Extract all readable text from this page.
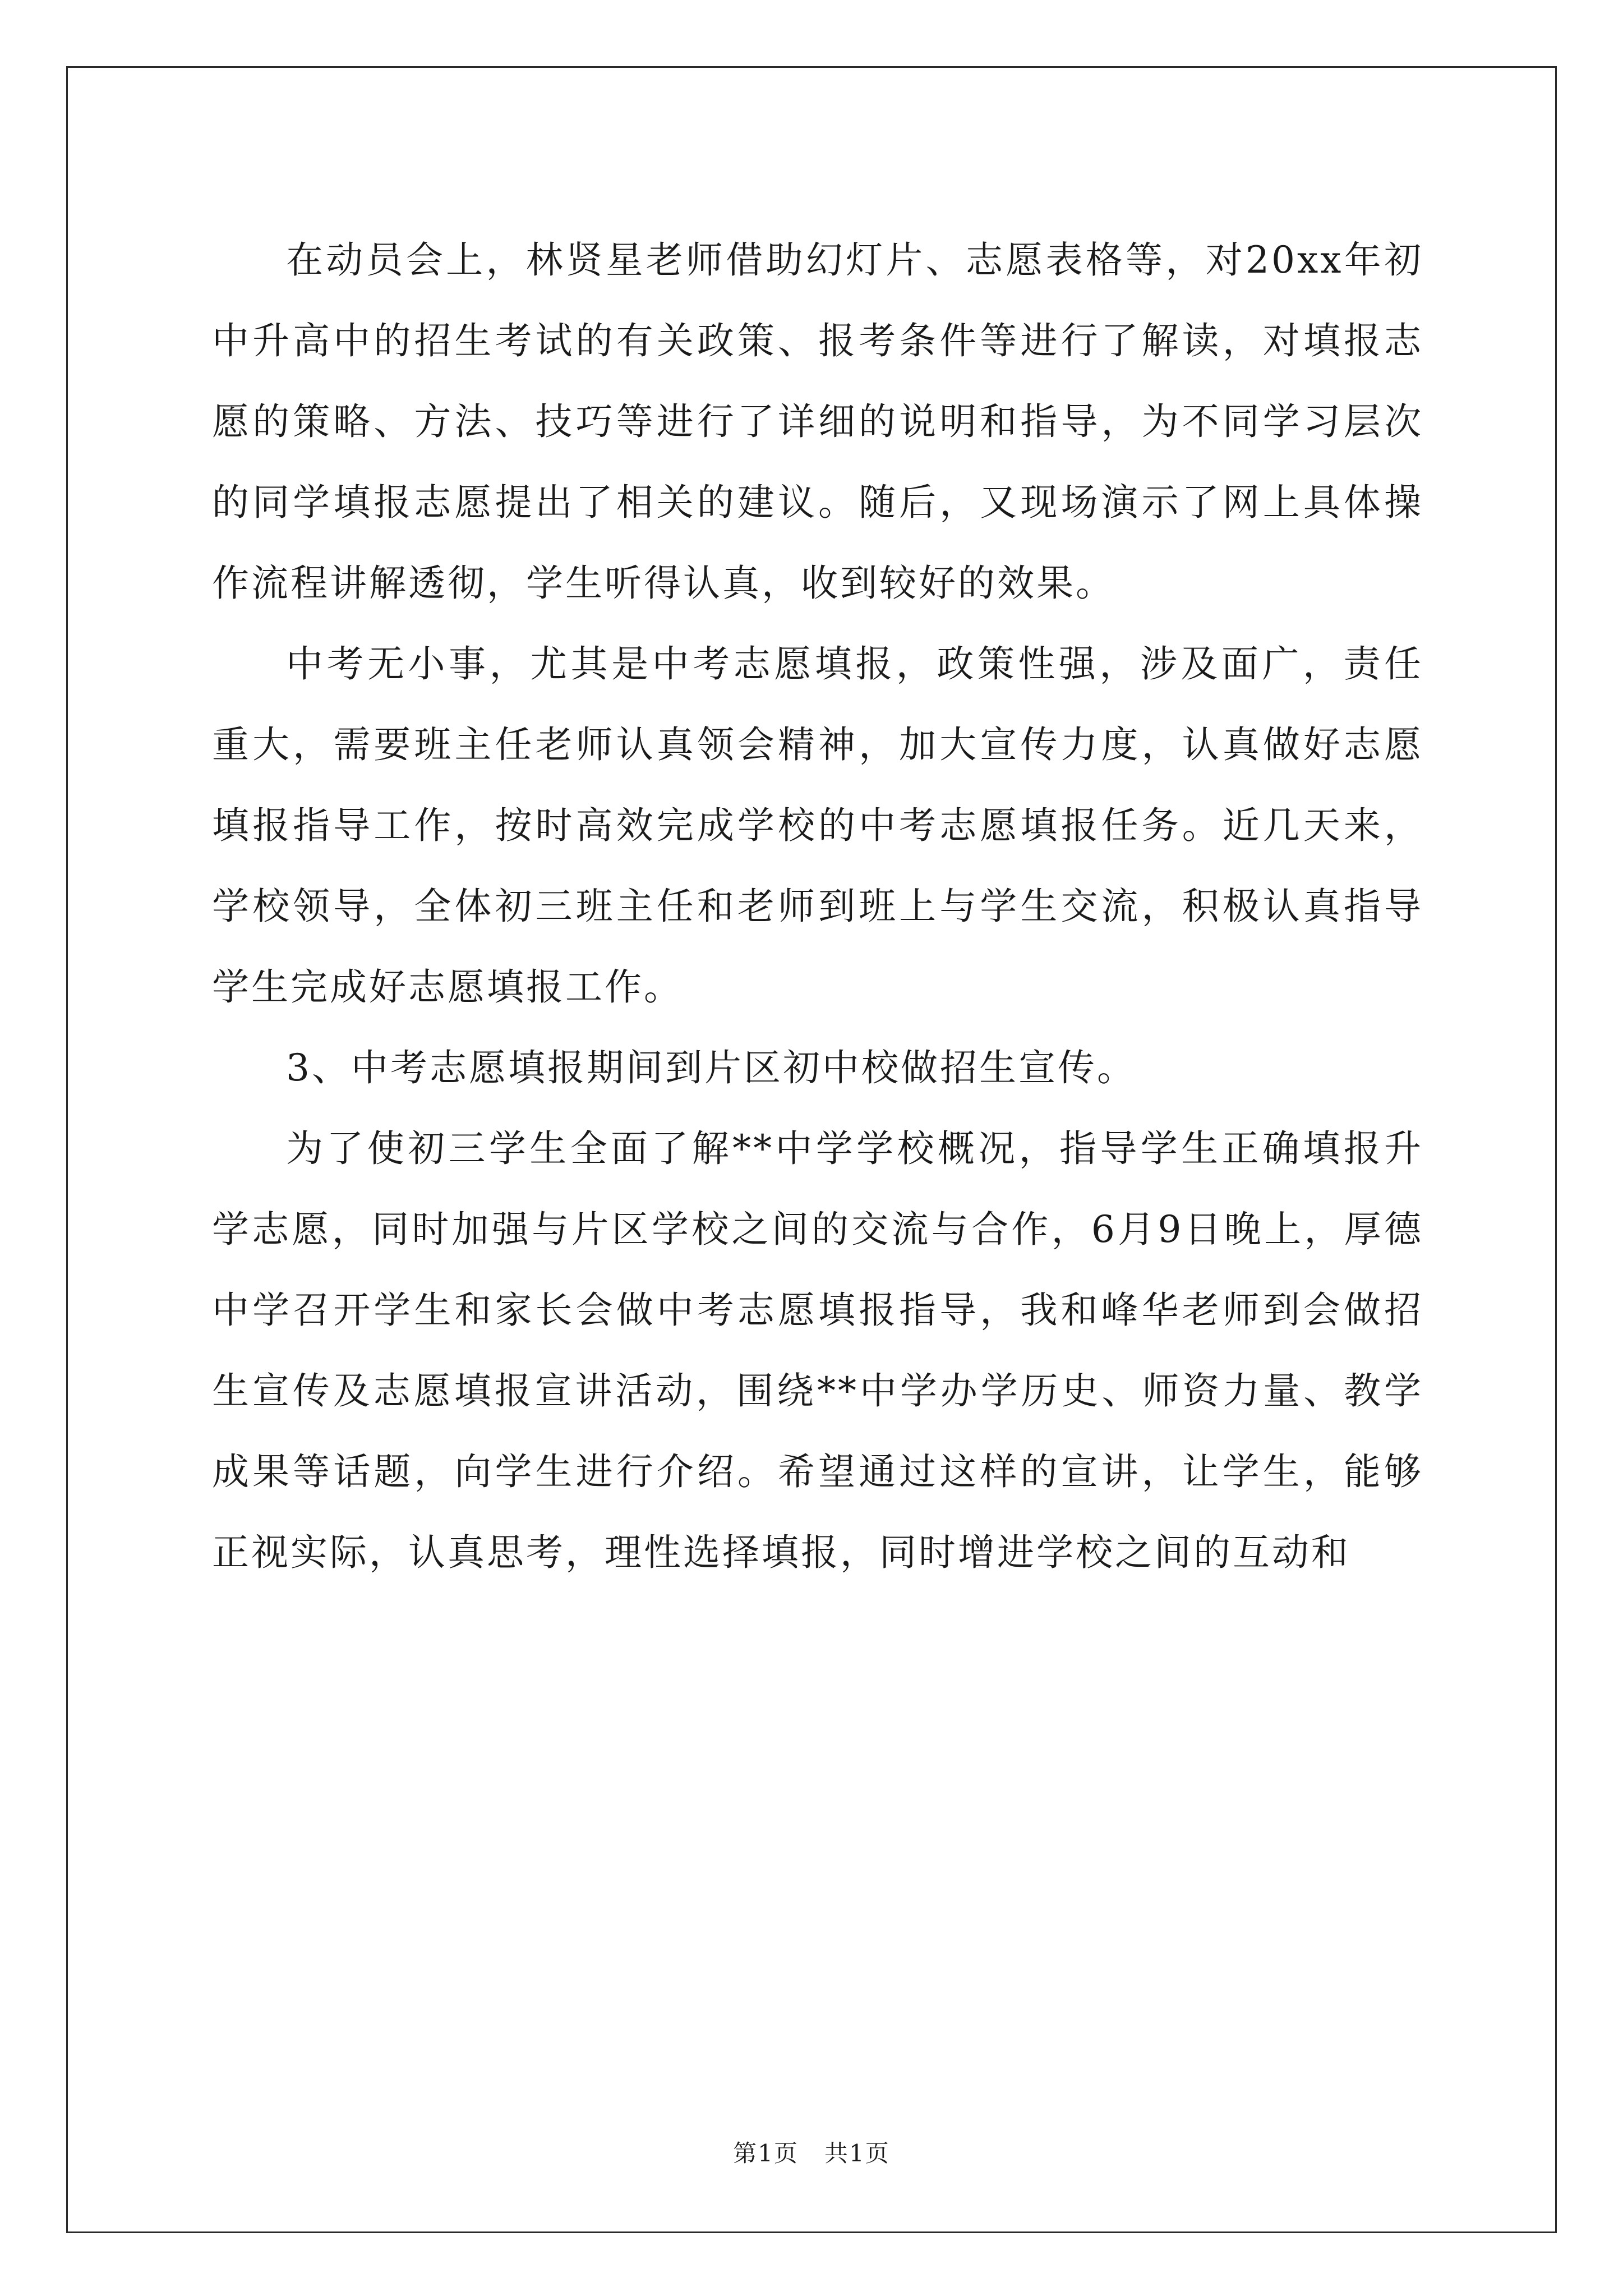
在动员会上，林贤星老师借助幻灯片、志愿表格等，对20xx年初中升高中的招生考试的有关政策、报考条件等进行了解读，对填报志愿的策略、方法、技巧等进行了详细的说明和指导，为不同学习层次的同学填报志愿提出了相关的建议。随后，又现场演示了网上具体操作流程讲解透彻，学生听得认真，收到较好的效果。

中考无小事，尤其是中考志愿填报，政策性强，涉及面广，责任重大，需要班主任老师认真领会精神，加大宣传力度，认真做好志愿填报指导工作，按时高效完成学校的中考志愿填报任务。近几天来，学校领导，全体初三班主任和老师到班上与学生交流，积极认真指导学生完成好志愿填报工作。

3、中考志愿填报期间到片区初中校做招生宣传。

为了使初三学生全面了解**中学学校概况，指导学生正确填报升学志愿，同时加强与片区学校之间的交流与合作，6月9日晚上，厚德中学召开学生和家长会做中考志愿填报指导，我和峰华老师到会做招生宣传及志愿填报宣讲活动，围绕**中学办学历史、师资力量、教学成果等话题，向学生进行介绍。希望通过这样的宣讲，让学生，能够正视实际，认真思考，理性选择填报，同时增进学校之间的互动和

第1页 共1页
